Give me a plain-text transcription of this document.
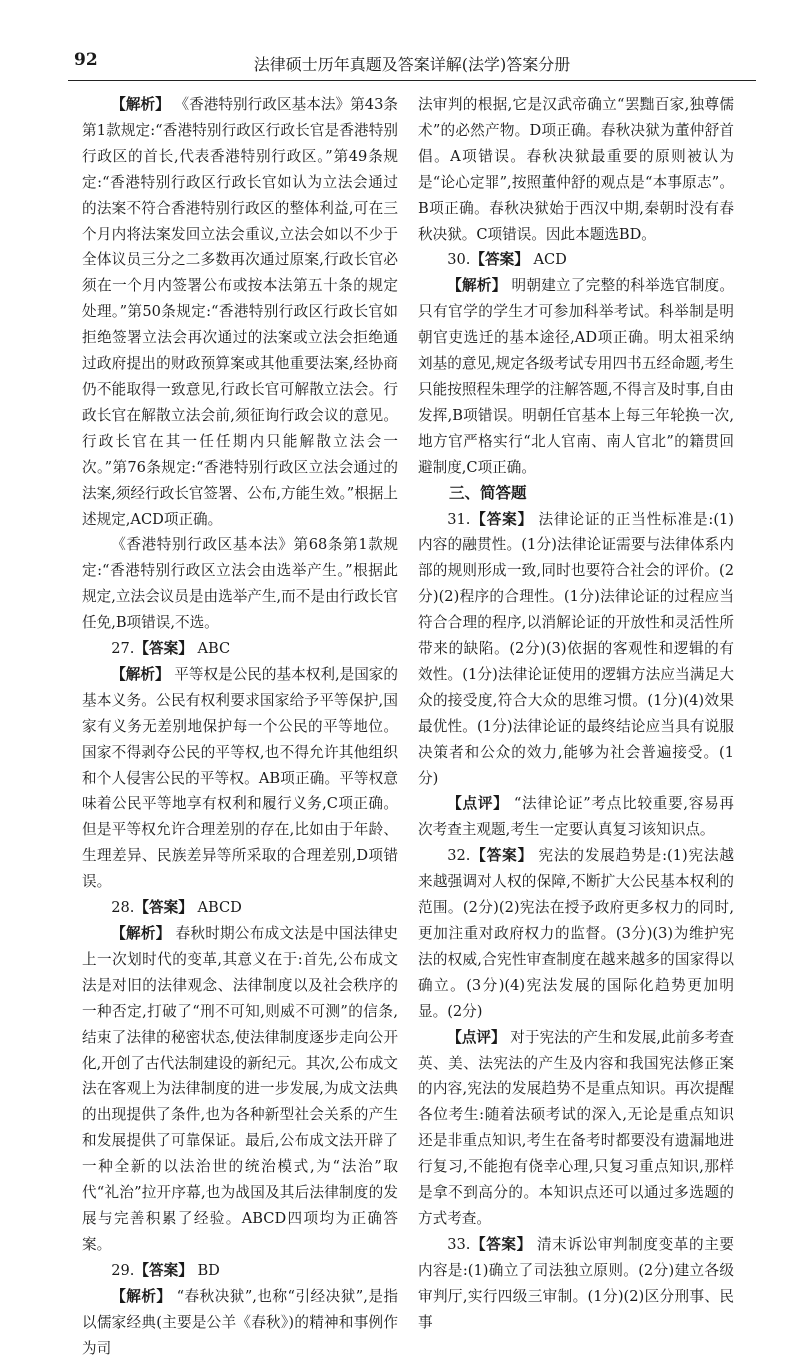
92	法律硕士历年真题及答案详解(法学)答案分册

【解析】 《香港特别行政区基本法》第43条第1款规定:“香港特别行政区行政长官是香港特别行政区的首长,代表香港特别行政区。”第49条规定:“香港特别行政区行政长官如认为立法会通过的法案不符合香港特别行政区的整体利益,可在三个月内将法案发回立法会重议,立法会如以不少于全体议员三分之二多数再次通过原案,行政长官必须在一个月内签署公布或按本法第五十条的规定处理。”第50条规定:“香港特别行政区行政长官如拒绝签署立法会再次通过的法案或立法会拒绝通过政府提出的财政预算案或其他重要法案,经协商仍不能取得一致意见,行政长官可解散立法会。行政长官在解散立法会前,须征询行政会议的意见。行政长官在其一任任期内只能解散立法会一次。”第76条规定:“香港特别行政区立法会通过的法案,须经行政长官签署、公布,方能生效。”根据上述规定,ACD项正确。

《香港特别行政区基本法》第68条第1款规定:“香港特别行政区立法会由选举产生。”根据此规定,立法会议员是由选举产生,而不是由行政长官任免,B项错误,不选。

27.【答案】 ABC

【解析】 平等权是公民的基本权利,是国家的基本义务。公民有权利要求国家给予平等保护,国家有义务无差别地保护每一个公民的平等地位。国家不得剥夺公民的平等权,也不得允许其他组织和个人侵害公民的平等权。AB项正确。平等权意味着公民平等地享有权利和履行义务,C项正确。但是平等权允许合理差别的存在,比如由于年龄、生理差异、民族差异等所采取的合理差别,D项错误。

28.【答案】 ABCD

【解析】 春秋时期公布成文法是中国法律史上一次划时代的变革,其意义在于:首先,公布成文法是对旧的法律观念、法律制度以及社会秩序的一种否定,打破了“刑不可知,则威不可测”的信条,结束了法律的秘密状态,使法律制度逐步走向公开化,开创了古代法制建设的新纪元。其次,公布成文法在客观上为法律制度的进一步发展,为成文法典的出现提供了条件,也为各种新型社会关系的产生和发展提供了可靠保证。最后,公布成文法开辟了一种全新的以法治世的统治模式,为“法治”取代“礼治”拉开序幕,也为战国及其后法律制度的发展与完善积累了经验。ABCD四项均为正确答案。

29.【答案】 BD

【解析】 “春秋决狱”,也称“引经决狱”,是指以儒家经典(主要是公羊《春秋》)的精神和事例作为司

法审判的根据,它是汉武帝确立“罢黜百家,独尊儒术”的必然产物。D项正确。春秋决狱为董仲舒首倡。A项错误。春秋决狱最重要的原则被认为是“论心定罪”,按照董仲舒的观点是“本事原志”。B项正确。春秋决狱始于西汉中期,秦朝时没有春秋决狱。C项错误。因此本题选BD。

30.【答案】 ACD

【解析】 明朝建立了完整的科举选官制度。只有官学的学生才可参加科举考试。科举制是明朝官吏选迁的基本途径,AD项正确。明太祖采纳刘基的意见,规定各级考试专用四书五经命题,考生只能按照程朱理学的注解答题,不得言及时事,自由发挥,B项错误。明朝任官基本上每三年轮换一次,地方官严格实行“北人官南、南人官北”的籍贯回避制度,C项正确。

三、简答题

31.【答案】 法律论证的正当性标准是:(1)内容的融贯性。(1分)法律论证需要与法律体系内部的规则形成一致,同时也要符合社会的评价。(2分)(2)程序的合理性。(1分)法律论证的过程应当符合合理的程序,以消解论证的开放性和灵活性所带来的缺陷。(2分)(3)依据的客观性和逻辑的有效性。(1分)法律论证使用的逻辑方法应当满足大众的接受度,符合大众的思维习惯。(1分)(4)效果最优性。(1分)法律论证的最终结论应当具有说服决策者和公众的效力,能够为社会普遍接受。(1分)

【点评】 “法律论证”考点比较重要,容易再次考查主观题,考生一定要认真复习该知识点。

32.【答案】 宪法的发展趋势是:(1)宪法越来越强调对人权的保障,不断扩大公民基本权利的范围。(2分)(2)宪法在授予政府更多权力的同时,更加注重对政府权力的监督。(3分)(3)为维护宪法的权威,合宪性审查制度在越来越多的国家得以确立。(3分)(4)宪法发展的国际化趋势更加明显。(2分)

【点评】 对于宪法的产生和发展,此前多考查英、美、法宪法的产生及内容和我国宪法修正案的内容,宪法的发展趋势不是重点知识。再次提醒各位考生:随着法硕考试的深入,无论是重点知识还是非重点知识,考生在备考时都要没有遗漏地进行复习,不能抱有侥幸心理,只复习重点知识,那样是拿不到高分的。本知识点还可以通过多选题的方式考查。

33.【答案】 清末诉讼审判制度变革的主要内容是:(1)确立了司法独立原则。(2分)建立各级审判厅,实行四级三审制。(1分)(2)区分刑事、民事
